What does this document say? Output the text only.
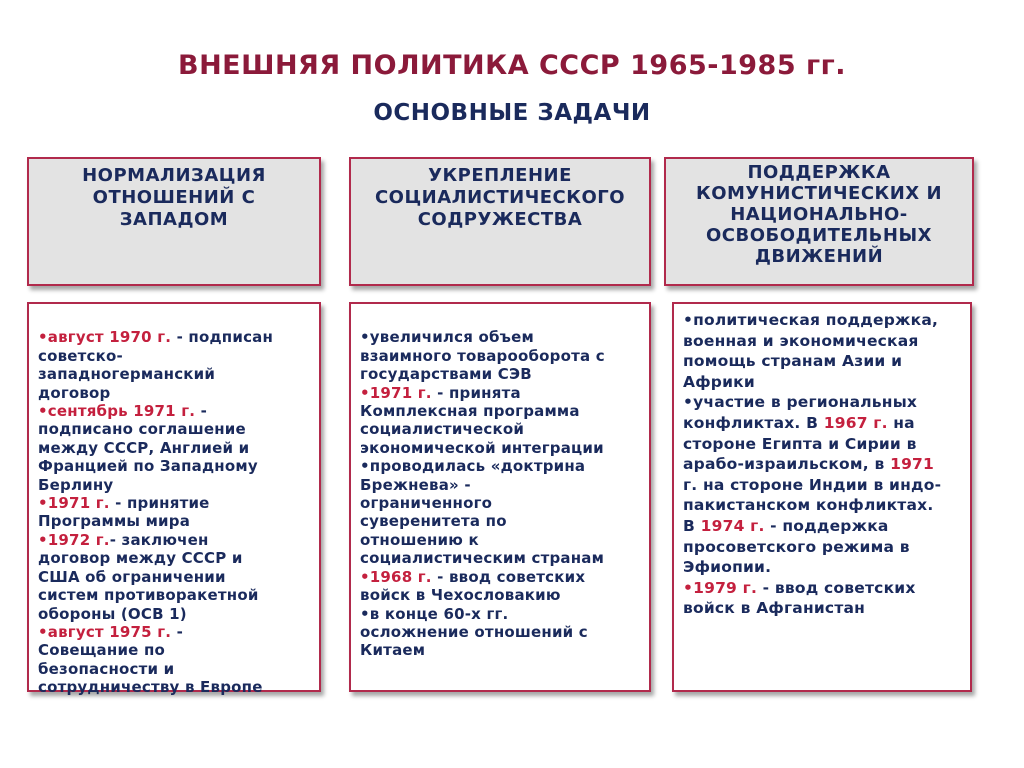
ВНЕШНЯЯ ПОЛИТИКА СССР 1965-1985 гг.
ОСНОВНЫЕ ЗАДАЧИ
НОРМАЛИЗАЦИЯ
ОТНОШЕНИЙ С
ЗАПАДОМ
УКРЕПЛЕНИЕ
СОЦИАЛИСТИЧЕСКОГО
СОДРУЖЕСТВА
ПОДДЕРЖКА
КОМУНИСТИЧЕСКИХ И
НАЦИОНАЛЬНО-
ОСВОБОДИТЕЛЬНЫХ
ДВИЖЕНИЙ

•август 1970 г. - подписан
советско-
западногерманский
договор
•сентябрь 1971 г. -
подписано соглашение
между СССР, Англией и
Францией по Западному
Берлину
•1971 г. - принятие
Программы мира
•1972 г.- заключен
договор между СССР и
США об ограничении
систем противоракетной
обороны (ОСВ 1)
•август 1975 г. -
Совещание по
безопасности и
сотрудничеству в Европе

•увеличился объем
взаимного товарооборота с
государствами СЭВ
•1971 г. - принята
Комплексная программа
социалистической
экономической интеграции
•проводилась «доктрина
Брежнева» -
ограниченного
суверенитета по
отношению к
социалистическим странам
•1968 г. - ввод советских
войск в Чехословакию
•в конце 60-х гг.
осложнение отношений с
Китаем

•политическая поддержка,
военная и экономическая
помощь странам Азии и
Африки
•участие в региональных
конфликтах. В 1967 г. на
стороне Египта и Сирии в
арабо-израильском, в 1971
г. на стороне Индии в индо-
пакистанском конфликтах.
В 1974 г. - поддержка
просоветского режима в
Эфиопии.
•1979 г. - ввод советских
войск в Афганистан
